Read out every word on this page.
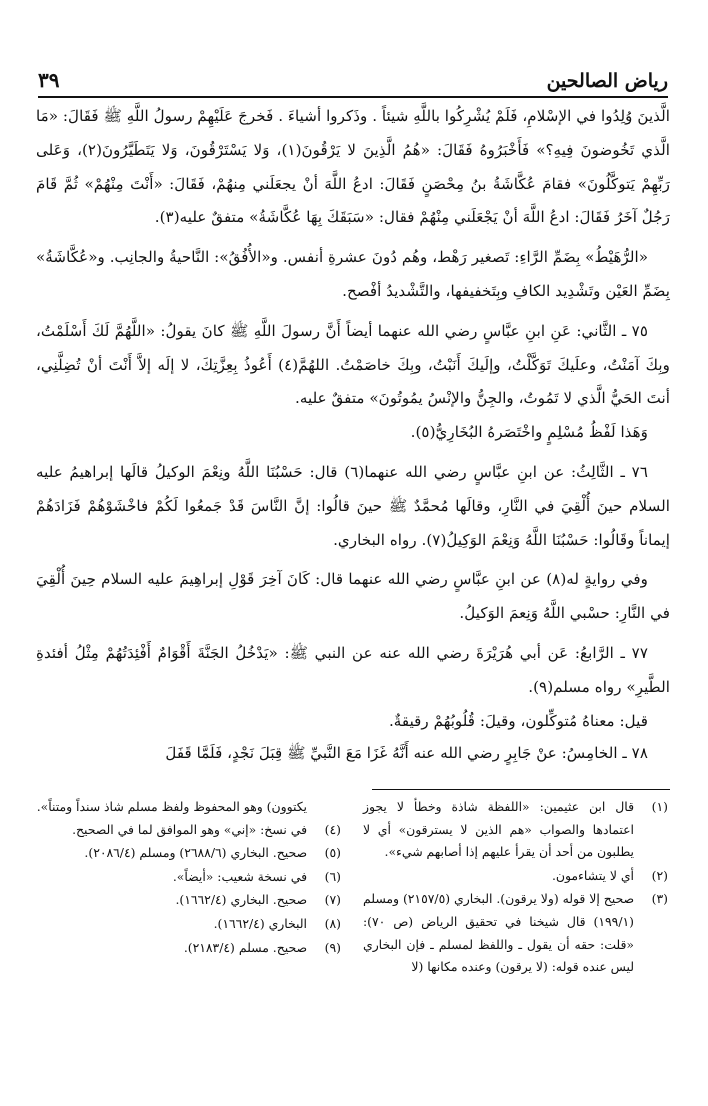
رياض الصالحين
٣٩

الَّذينَ وُلِدُوا في الإسْلامِ، فَلَمْ يُشْرِكُوا باللَّهِ شيئاً . وذَكروا أشياءَ . فَخرجَ عَلَيْهِمْ رسولُ اللَّهِ ﷺ فَقَالَ: «مَا الَّذي تَخُوضونَ فِيهِ؟» فَأَخْبَرُوهُ فَقَالَ: «هُمُ الَّذِينَ لا يَرْقُونَ(١)، وَلا يَسْتَرْقُونَ، وَلا يَتَطَيَّرُونَ(٢)، وَعَلى رَبِّهِمْ يَتوكَّلُونَ» فقامَ عُكَّاشَةُ بنُ مِحْصَنٍ فَقَالَ: ادعُ اللَّهَ أنْ يجعَلَني مِنهُمْ، فَقَالَ: «أَنْتَ مِنْهُمْ» ثُمَّ قَامَ رَجُلٌ آخَرُ فَقَالَ: ادعُ اللَّهَ أنْ يَجْعَلَني مِنْهُمْ فقال: «سَبَقَكَ بِهَا عُكَّاشَةُ» متفقٌ عليه(٣).

«الرُّهَيْطُ» بِضَمِّ الرَّاءِ: تَصغير رَهْط، وهُم دُونَ عشرةِ أنفس. و«الأُفُقُ»: النَّاحيةُ والجانِب. و«عُكَّاشَةُ» بِضَمِّ العَيْن وتَشْدِيد الكافِ وبِتَخفيفها، والتَّشْديدُ أفْصح.

٧٥ ـ الثَّاني: عَنِ ابنِ عبَّاسٍ رضي الله عنهما أيضاً أَنَّ رسولَ اللَّهِ ﷺ كانَ يقولُ: «اللَّهُمَّ لَكَ أَسْلَمْتُ، وبِكَ آمَنْتُ، وعلَيكَ تَوَكَّلْتُ، وإلَيكَ أَنَبْتُ، وبِكَ خاصَمْتُ. اللهُمَّ(٤) أَعُوذُ بِعِزَّتِكَ، لا إلَه إلاَّ أَنْتَ أنْ تُضِلَّنِي، أنتَ الحَيُّ الَّذي لا تَمُوتُ، والجِنُّ والإنْسُ يمُوتُونَ» متفقٌ عليه.

وَهَذا لَفْظُ مُسْلِمٍ واخْتَصَرهُ البُخَارِيُّ(٥).

٧٦ ـ الثَّالِثُ: عن ابنِ عبَّاسٍ رضي الله عنهما(٦) قال: حَسْبُنَا اللَّهُ ونِعْمَ الوكيلُ قالَها إبراهيمُ عليه السلام حينَ أُلْقِيَ في النَّارِ، وقالَها مُحمَّدٌ ﷺ حينَ قالُوا: إنَّ النَّاسَ قَدْ جَمعُوا لَكُمْ فاخْشَوْهُمْ فَزَادَهُمْ إيماناً وقَالُوا: حَسْبُنَا اللَّهُ وَنِعْمَ الوَكِيلُ(٧). رواه البخاري.

وفي روايةٍ له(٨) عن ابنِ عبَّاسٍ رضي الله عنهما قال: كَانَ آخِرَ قَوْلِ إبراهِيمَ عليه السلام حِينَ أُلْقِيَ في النَّارِ: حسْبي اللَّهُ وَنِعمَ الوَكيلُ.

٧٧ ـ الرَّابعُ: عَن أبي هُرَيْرَةَ رضي الله عنه عن النبي ﷺ: «يَدْخُلُ الجَنَّةَ أَقْوَامٌ أَفْئِدَتُهُمْ مِثْلُ أفئدةِ الطَّيرِ» رواه مسلم(٩).

قيل: معناهُ مُتوكِّلون، وقيلَ: قُلُوبُهُمْ رقيقةٌ.

٧٨ ـ الخامِسُ: عنْ جَابِرٍ رضي الله عنه أَنَّهُ غَزَا مَعَ النَّبيِّ ﷺ قِبَلَ نَجْدٍ، فَلَمَّا قَفَلَ

(١)
قال ابن عثيمين: «اللفظة شاذة وخطأ لا يجوز اعتمادها والصواب «هم الذين لا يسترقون» أي لا يطلبون من أحد أن يقرأ عليهم إذا أصابهم شيء».
(٢)
أي لا يتشاءمون.
(٣)
صحيح إلا قوله (ولا يرقون). البخاري (٢١٥٧/٥) ومسلم (١٩٩/١) قال شيخنا في تحقيق الرياض (ص ٧٠): «قلت: حقه أن يقول ـ واللفظ لمسلم ـ فإن البخاري ليس عنده قوله: (لا يرقون) وعنده مكانها (لا
يكتوون) وهو المحفوظ ولفظ مسلم شاذ سنداً ومتناً».
(٤)
في نسخ: «إني» وهو الموافق لما في الصحيح.
(٥)
صحيح. البخاري (٢٦٨٨/٦) ومسلم (٢٠٨٦/٤).
(٦)
في نسخة شعيب: «أيضاً».
(٧)
صحيح. البخاري (١٦٦٢/٤).
(٨)
البخاري (١٦٦٢/٤).
(٩)
صحيح. مسلم (٢١٨٣/٤).
